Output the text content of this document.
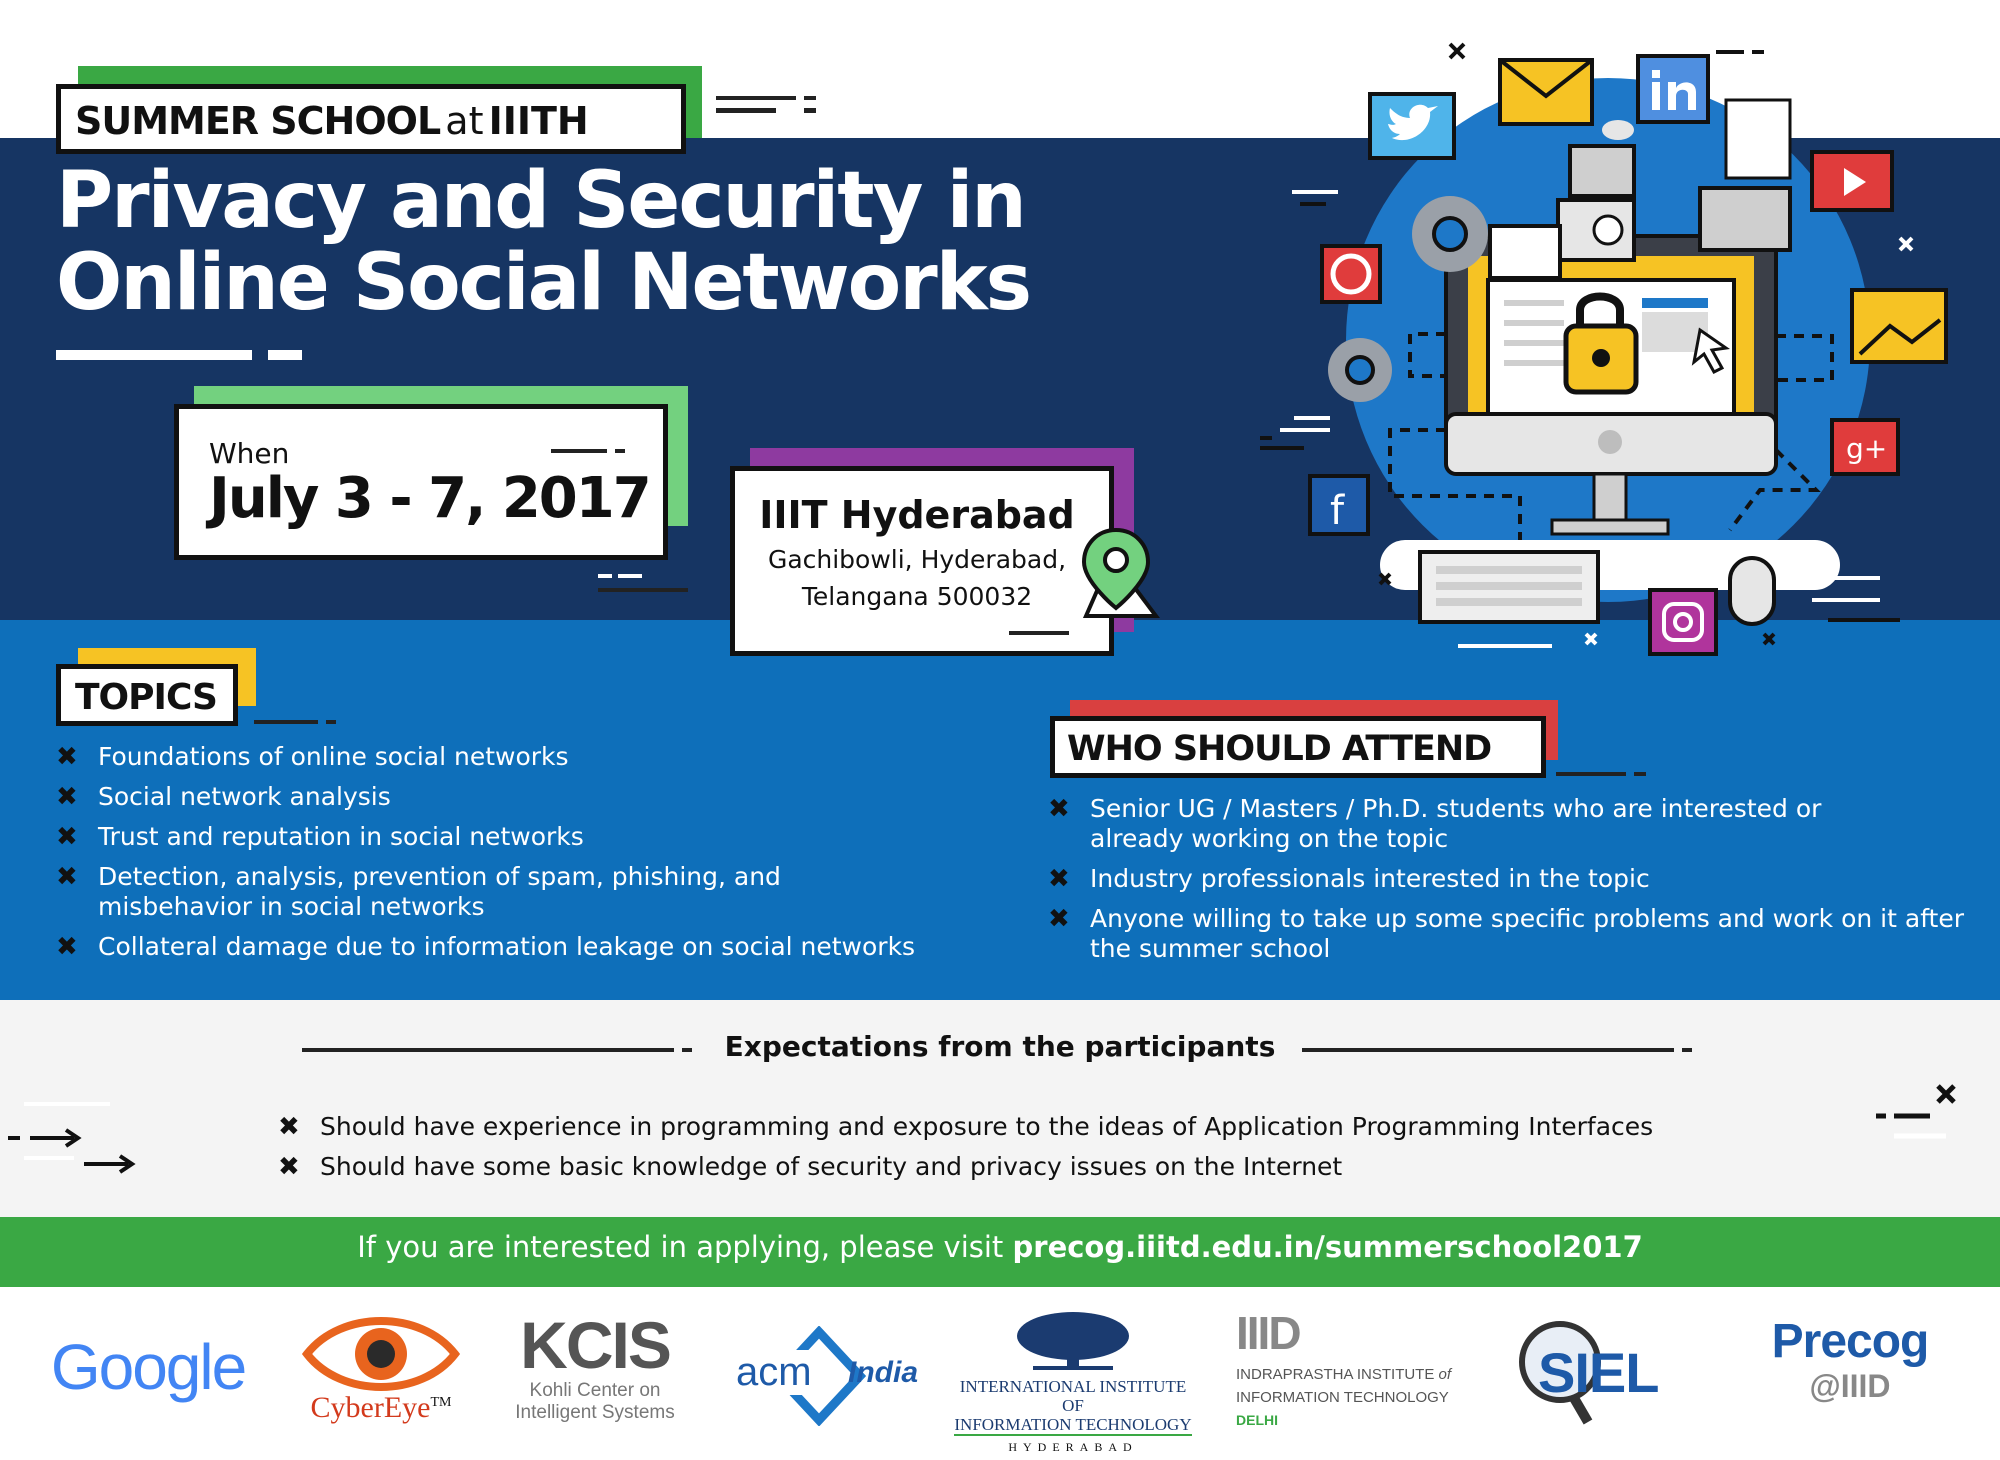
SUMMER SCHOOL at IIITH
Privacy and Security in
Online Social Networks
When
July 3 - 7, 2017	IIIT Hyderabad
Gachibowli, Hyderabad,
Telangana 500032
g+
f
TOPICS
✖ Foundations of online social networks
✖ Social network analysis
✖ Trust and reputation in social networks
✖ Detection, analysis, prevention of spam, phishing, and misbehavior in social networks
✖ Collateral damage due to information leakage on social networks
WHO SHOULD ATTEND
✖ Senior UG / Masters / Ph.D. students who are interested or already working on the topic
✖ Industry professionals interested in the topic
✖ Anyone willing to take up some specific problems and work on it after the summer school
Expectations from the participants
✖ Should have experience in programming and exposure to the ideas of Application Programming Interfaces
✖ Should have some basic knowledge of security and privacy issues on the Internet
If you are interested in applying, please visit precog.iiitd.edu.in/summerschool2017
Google
CyberEye™
KCIS
Kohli Center on
Intelligent Systems
acm India	INTERNATIONAL INSTITUTE OF
INFORMATION TECHNOLOGY
HYDERABAD
IIID
INDRAPRASTHA INSTITUTE of
INFORMATION TECHNOLOGY
DELHI
SIEL	Precog
@IIID
